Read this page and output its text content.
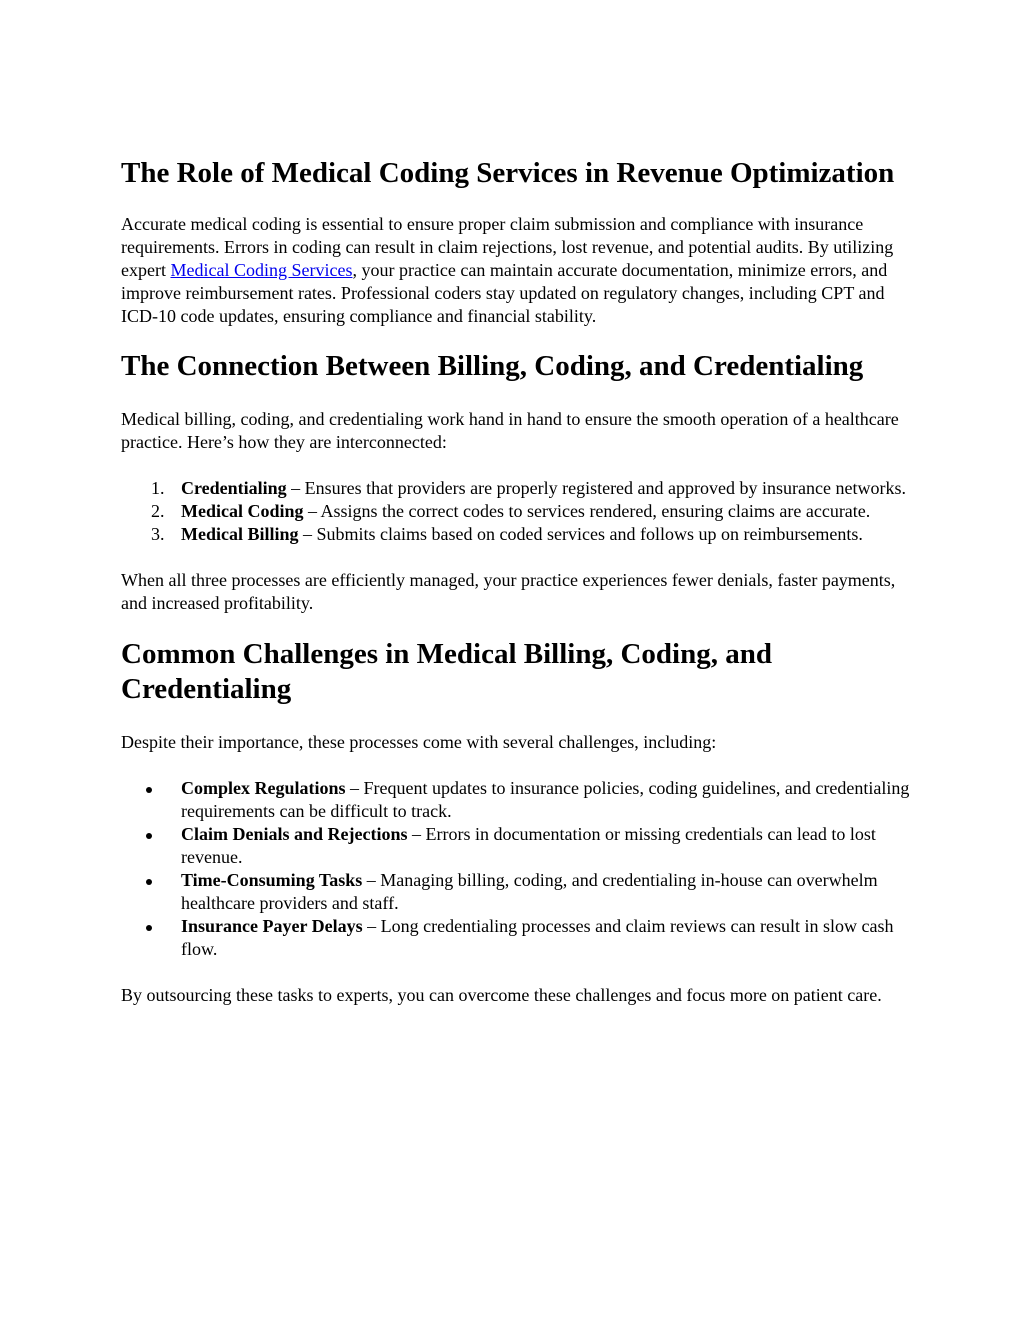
The Role of Medical Coding Services in Revenue Optimization

Accurate medical coding is essential to ensure proper claim submission and compliance with insurance requirements. Errors in coding can result in claim rejections, lost revenue, and potential audits. By utilizing expert Medical Coding Services, your practice can maintain accurate documentation, minimize errors, and improve reimbursement rates. Professional coders stay updated on regulatory changes, including CPT and ICD-10 code updates, ensuring compliance and financial stability.

The Connection Between Billing, Coding, and Credentialing

Medical billing, coding, and credentialing work hand in hand to ensure the smooth operation of a healthcare practice. Here’s how they are interconnected:

1. Credentialing – Ensures that providers are properly registered and approved by insurance networks.
2. Medical Coding – Assigns the correct codes to services rendered, ensuring claims are accurate.
3. Medical Billing – Submits claims based on coded services and follows up on reimbursements.

When all three processes are efficiently managed, your practice experiences fewer denials, faster payments, and increased profitability.

Common Challenges in Medical Billing, Coding, and Credentialing

Despite their importance, these processes come with several challenges, including:

Complex Regulations – Frequent updates to insurance policies, coding guidelines, and credentialing requirements can be difficult to track.
Claim Denials and Rejections – Errors in documentation or missing credentials can lead to lost revenue.
Time-Consuming Tasks – Managing billing, coding, and credentialing in-house can overwhelm healthcare providers and staff.
Insurance Payer Delays – Long credentialing processes and claim reviews can result in slow cash flow.

By outsourcing these tasks to experts, you can overcome these challenges and focus more on patient care.
